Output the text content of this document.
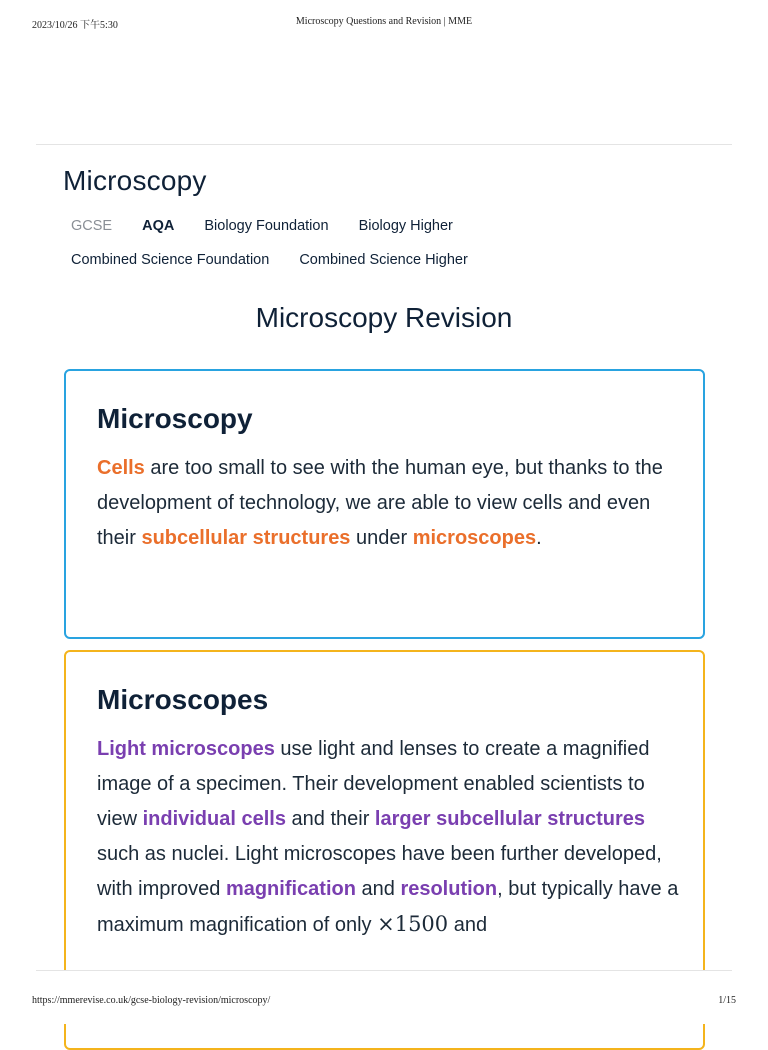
2023/10/26 下午5:30	Microscopy Questions and Revision | MME
Microscopy
GCSE AQA Biology Foundation Biology Higher
Combined Science Foundation Combined Science Higher
Microscopy Revision
Microscopy

Cells are too small to see with the human eye, but thanks to the development of technology, we are able to view cells and even their subcellular structures under microscopes.

Microscopes

Light microscopes use light and lenses to create a magnified image of a specimen. Their development enabled scientists to view individual cells and their larger subcellular structures such as nuclei. Light microscopes have been further developed, with improved magnification and resolution, but typically have a maximum magnification of only ×1500 and

https://mmerevise.co.uk/gcse-biology-revision/microscopy/	1/15
